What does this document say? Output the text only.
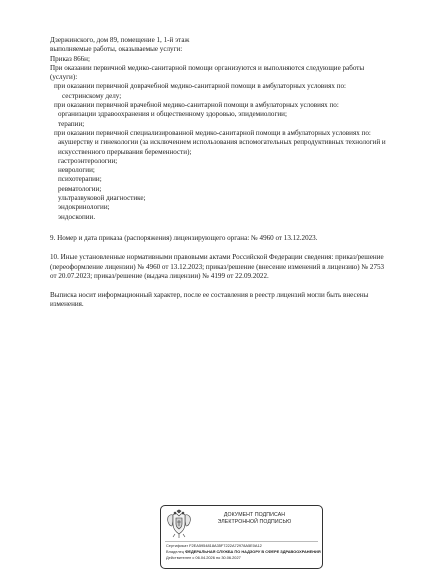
Дзержинского, дом 89, помещение 1, 1-й этаж

выполняемые работы, оказываемые услуги:

Приказ 866н;

При оказании первичной медико-санитарной помощи организуются и выполняются следующие работы (услуги):

при оказании первичной доврачебной медико-санитарной помощи в амбулаторных условиях по:

сестринскому делу;

при оказании первичной врачебной медико-санитарной помощи в амбулаторных условиях по:

организации здравоохранения и общественному здоровью, эпидемиологии;

терапии;

при оказании первичной специализированной медико-санитарной помощи в амбулаторных условиях по:

акушерству и гинекологии (за исключением использования вспомогательных репродуктивных технологий и искусственного прерывания беременности);

гастроэнтерологии;

неврологии;

психотерапии;

ревматологии;

ультразвуковой диагностике;

эндокринологии;

эндоскопии.

9. Номер и дата приказа (распоряжения) лицензирующего органа: № 4960 от 13.12.2023.

10. Иные установленные нормативными правовыми актами Российской Федерации сведения: приказ/решение (переоформление лицензии) № 4960 от 13.12.2023; приказ/решение (внесение изменений в лицензию) № 2753 от 20.07.2023; приказ/решение (выдача лицензии) № 4199 от 22.09.2022.

Выписка носит информационный характер, после ее составления в реестр лицензий могли быть внесены изменения.

ДОКУМЕНТ ПОДПИСАН
ЭЛЕКТРОННОЙ ПОДПИСЬЮ
Сертификат F2EA5954818A35F7222A72978A5E0A12
Владелец ФЕДЕРАЛЬНАЯ СЛУЖБА ПО НАДЗОРУ В СФЕРЕ ЗДРАВООХРАНЕНИЯ
Действителен с 06.04.2026 по 30.06.2027
